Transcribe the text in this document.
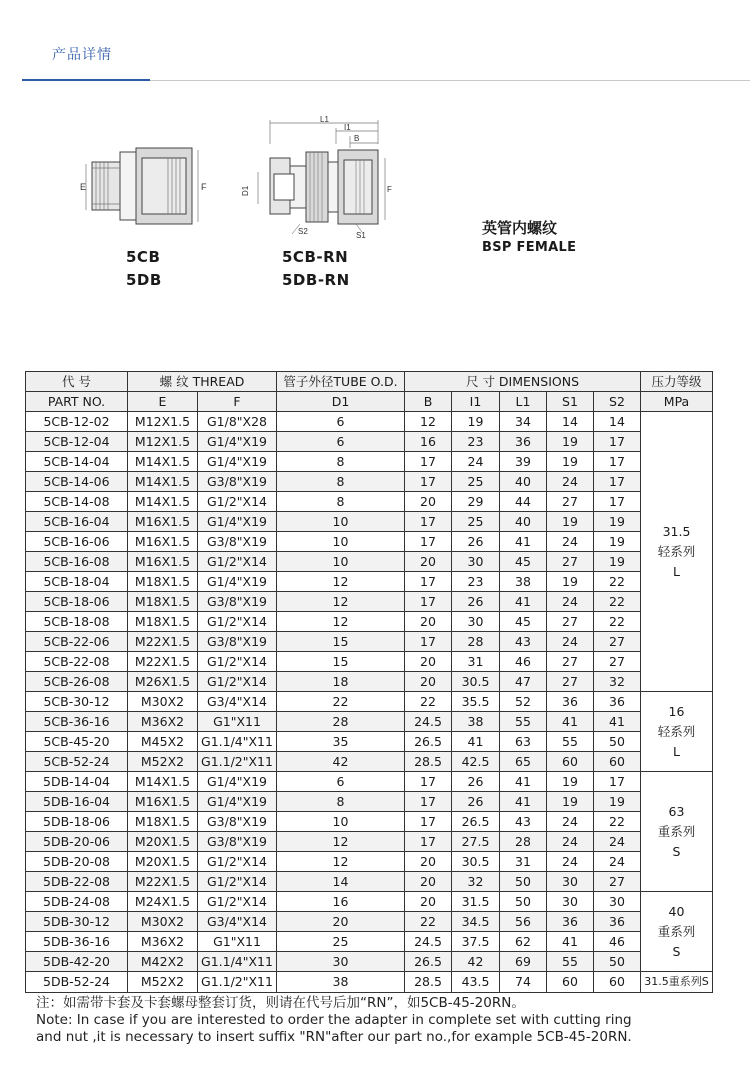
产品详情
E	F
L1
I1
B
D1	F
S2	S1
5CB
5DB
5CB-RN
5DB-RN
英管内螺纹
BSP FEMALE
代 号	螺 纹 THREAD		管子外径TUBE O.D.	尺 寸 DIMENSIONS					压力等级
PART NO.	E	F	D1	B	I1	L1	S1	S2	MPa
5CB-12-02	M12X1.5	G1/8"X28	6	12	19	34	14	14	31.5
轻系列
L

5CB-12-04	M12X1.5	G1/4"X19	6	16	23	36	19	17	
5CB-14-04	M14X1.5	G1/4"X19	8	17	24	39	19	17	
5CB-14-06	M14X1.5	G3/8"X19	8	17	25	40	24	17	
5CB-14-08	M14X1.5	G1/2"X14	8	20	29	44	27	17	
5CB-16-04	M16X1.5	G1/4"X19	10	17	25	40	19	19	
5CB-16-06	M16X1.5	G3/8"X19	10	17	26	41	24	19	
5CB-16-08	M16X1.5	G1/2"X14	10	20	30	45	27	19	
5CB-18-04	M18X1.5	G1/4"X19	12	17	23	38	19	22	
5CB-18-06	M18X1.5	G3/8"X19	12	17	26	41	24	22	
5CB-18-08	M18X1.5	G1/2"X14	12	20	30	45	27	22	
5CB-22-06	M22X1.5	G3/8"X19	15	17	28	43	24	27	
5CB-22-08	M22X1.5	G1/2"X14	15	20	31	46	27	27	
5CB-26-08	M26X1.5	G1/2"X14	18	20	30.5	47	27	32	
5CB-30-12	M30X2	G3/4"X14	22	22	35.5	52	36	36	16
轻系列
L

5CB-36-16	M36X2	G1"X11	28	24.5	38	55	41	41	
5CB-45-20	M45X2	G1.1/4"X11	35	26.5	41	63	55	50	
5CB-52-24	M52X2	G1.1/2"X11	42	28.5	42.5	65	60	60	
5DB-14-04	M14X1.5	G1/4"X19	6	17	26	41	19	17	63
重系列
S

5DB-16-04	M16X1.5	G1/4"X19	8	17	26	41	19	19	
5DB-18-06	M18X1.5	G3/8"X19	10	17	26.5	43	24	22	
5DB-20-06	M20X1.5	G3/8"X19	12	17	27.5	28	24	24	
5DB-20-08	M20X1.5	G1/2"X14	12	20	30.5	31	24	24	
5DB-22-08	M22X1.5	G1/2"X14	14	20	32	50	30	27	
5DB-24-08	M24X1.5	G1/2"X14	16	20	31.5	50	30	30	40
重系列
S

5DB-30-12	M30X2	G3/4"X14	20	22	34.5	56	36	36	
5DB-36-16	M36X2	G1"X11	25	24.5	37.5	62	41	46	
5DB-42-20	M42X2	G1.1/4"X11	30	26.5	42	69	55	50	
5DB-52-24	M52X2	G1.1/2"X11	38	28.5	43.5	74	60	60	31.5重系列S
注：如需带卡套及卡套螺母整套订货，则请在代号后加“RN”，如5CB-45-20RN。
Note: In case if you are interested to order the adapter in complete set with cutting ring
and nut ,it is necessary to insert suffix "RN"after our part no.,for example 5CB-45-20RN.
